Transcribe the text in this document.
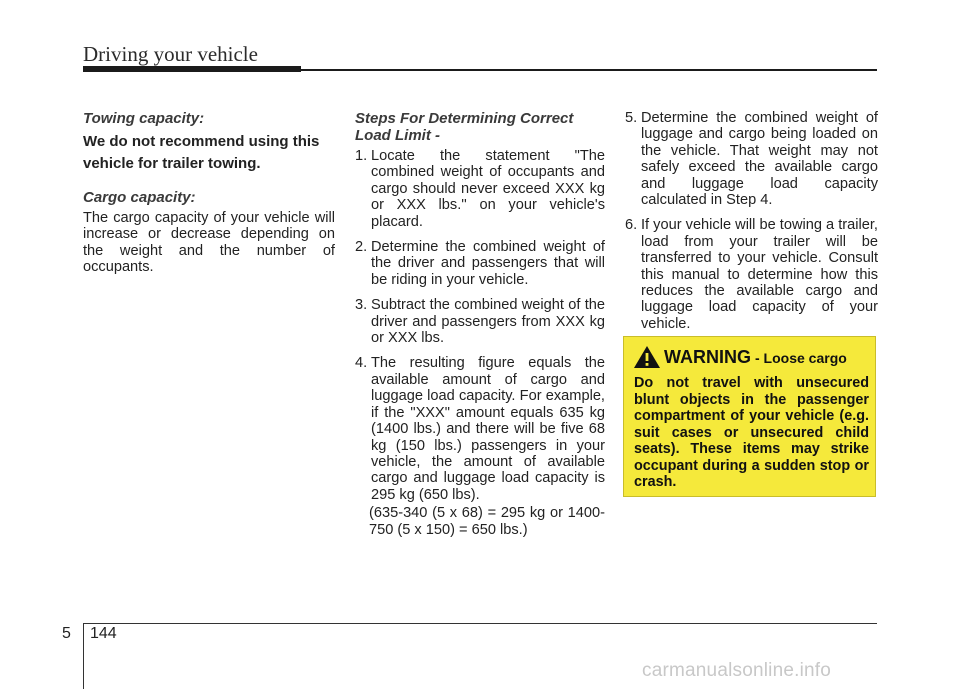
Driving your vehicle
Towing capacity:
We do not recommend using this vehicle for trailer towing.
Cargo capacity:
The cargo capacity of your vehicle will increase or decrease depending on the weight and the number of occupants.
Steps For Determining Correct Load Limit -
1. Locate the statement "The combined weight of occupants and cargo should never exceed XXX kg or XXX lbs.'' on your vehicle's placard.
2. Determine the combined weight of the driver and passengers that will be riding in your vehicle.
3. Subtract the combined weight of the driver and passengers from XXX kg or XXX lbs.
4. The resulting figure equals the available amount of cargo and luggage load capacity. For example, if the "XXX" amount equals 635 kg (1400 lbs.) and there will be five 68 kg (150 lbs.) passengers in your vehicle, the amount of available cargo and luggage load capacity is 295 kg (650 lbs).
(635-340 (5 x 68) = 295 kg or 1400-750 (5 x 150) = 650 lbs.)
5. Determine the combined weight of luggage and cargo being loaded on the vehicle. That weight may not safely exceed the available cargo and luggage load capacity calculated in Step 4.
6. If your vehicle will be towing a trailer, load from your trailer will be transferred to your vehicle. Consult this manual to determine how this reduces the available cargo and luggage load capacity of your vehicle.
WARNING - Loose cargo
Do not travel with unsecured blunt objects in the passenger compartment of your vehicle (e.g. suit cases or unsecured child seats). These items may strike occupant during a sudden stop or crash.
5 144
carmanualsonline.info
